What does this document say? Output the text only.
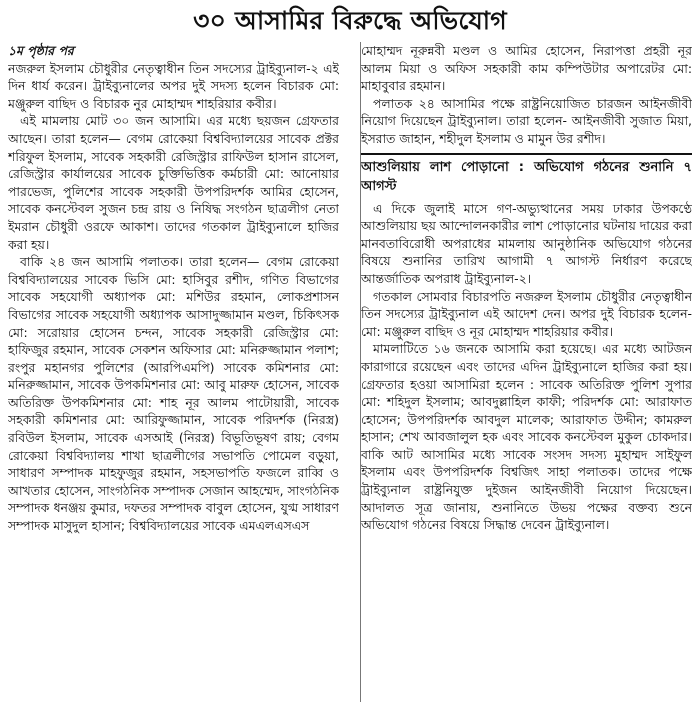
৩০ আসামির বিরুদ্ধে অভিযোগ

১ম পৃষ্ঠার পর

নজরুল ইসলাম চৌধুরীর নেতৃত্বাধীন তিন সদস্যের ট্রাইব্যুনাল-২ এই দিন ধার্য করেন। ট্রাইব্যুনালের অপর দুই সদস্য হলেন বিচারক মো: মঞ্জুরুল বাছিদ ও বিচারক নুর মোহাম্মদ শাহরিয়ার কবীর।

এই মামলায় মোট ৩০ জন আসামি। এর মধ্যে ছয়জন গ্রেফতার আছেন। তারা হলেন— বেগম রোকেয়া বিশ্ববিদ্যালয়ের সাবেক প্রক্টর শরিফুল ইসলাম, সাবেক সহকারী রেজিস্ট্রার রাফিউল হাসান রাসেল, রেজিস্ট্রার কার্যালয়ের সাবেক চুক্তিভিত্তিক কর্মচারী মো: আনোয়ার পারভেজ, পুলিশের সাবেক সহকারী উপপরিদর্শক আমির হোসেন, সাবেক কনস্টেবল সুজন চন্দ্র রায় ও নিষিদ্ধ সংগঠন ছাত্রলীগ নেতা ইমরান চৌধুরী ওরফে আকাশ। তাদের গতকাল ট্রাইব্যুনালে হাজির করা হয়।

বাকি ২৪ জন আসামি পলাতক। তারা হলেন— বেগম রোকেয়া বিশ্ববিদ্যালয়ের সাবেক ভিসি মো: হাসিবুর রশীদ, গণিত বিভাগের সাবেক সহযোগী অধ্যাপক মো: মশিউর রহমান, লোকপ্রশাসন বিভাগের সাবেক সহযোগী অধ্যাপক আসাদুজ্জামান মণ্ডল, চিকিৎসক মো: সরোয়ার হোসেন চন্দন, সাবেক সহকারী রেজিস্ট্রার মো: হাফিজুর রহমান, সাবেক সেকশন অফিসার মো: মনিরুজ্জামান পলাশ; রংপুর মহানগর পুলিশের (আরপিএমপি) সাবেক কমিশনার মো: মনিরুজ্জামান, সাবেক উপকমিশনার মো: আবু মারুফ হোসেন, সাবেক অতিরিক্ত উপকমিশনার মো: শাহ নূর আলম পাটোয়ারী, সাবেক সহকারী কমিশনার মো: আরিফুজ্জামান, সাবেক পরিদর্শক (নিরস্ত্র) রবিউল ইসলাম, সাবেক এসআই (নিরস্ত্র) বিভূতিভূষণ রায়; বেগম রোকেয়া বিশ্ববিদ্যালয় শাখা ছাত্রলীগের সভাপতি পোমেল বড়ুয়া, সাধারণ সম্পাদক মাহফুজুর রহমান, সহসভাপতি ফজলে রাব্বি ও আখতার হোসেন, সাংগঠনিক সম্পাদক সেজান আহম্মেদ, সাংগঠনিক সম্পাদক ধনঞ্জয় কুমার, দফতর সম্পাদক বাবুল হোসেন, যুগ্ম সাধারণ সম্পাদক মাসুদুল হাসান; বিশ্ববিদ্যালয়ের সাবেক এমএলএসএস

মোহাম্মদ নূরুন্নবী মণ্ডল ও আমির হোসেন, নিরাপত্তা প্রহরী নূর আলম মিয়া ও অফিস সহকারী কাম কম্পিউটার অপারেটর মো: মাহাবুবার রহমান।

পলাতক ২৪ আসামির পক্ষে রাষ্ট্রনিয়োজিত চারজন আইনজীবী নিয়োগ দিয়েছেন ট্রাইব্যুনাল। তারা হলেন- আইনজীবী সুজাত মিয়া, ইসরাত জাহান, শহীদুল ইসলাম ও মামুন উর রশীদ।

আশুলিয়ায় লাশ পোড়ানো : অভিযোগ গঠনের শুনানি ৭ আগস্ট

এ দিকে জুলাই মাসে গণ-অভ্যুত্থানের সময় ঢাকার উপকণ্ঠে আশুলিয়ায় ছয় আন্দোলনকারীর লাশ পোড়ানোর ঘটনায় দায়ের করা মানবতাবিরোধী অপরাধের মামলায় আনুষ্ঠানিক অভিযোগ গঠনের বিষয়ে শুনানির তারিখ আগামী ৭ আগস্ট নির্ধারণ করেছে আন্তর্জাতিক অপরাধ ট্রাইব্যুনাল-২।

গতকাল সোমবার বিচারপতি নজরুল ইসলাম চৌধুরীর নেতৃত্বাধীন তিন সদস্যের ট্রাইব্যুনাল এই আদেশ দেন। অপর দুই বিচারক হলেন- মো: মঞ্জুরুল বাছিদ ও নূর মোহাম্মদ শাহরিয়ার কবীর।

মামলাটিতে ১৬ জনকে আসামি করা হয়েছে। এর মধ্যে আটজন কারাগারে রয়েছেন এবং তাদের এদিন ট্রাইব্যুনালে হাজির করা হয়। গ্রেফতার হওয়া আসামিরা হলেন : সাবেক অতিরিক্ত পুলিশ সুপার মো: শহিদুল ইসলাম; আবদুল্লাহিল কাফী; পরিদর্শক মো: আরাফাত হোসেন; উপপরিদর্শক আবদুল মালেক; আরাফাত উদ্দীন; কামরুল হাসান; শেখ আবজালুল হক এবং সাবেক কনস্টেবল মুকুল চোকদার। বাকি আট আসামির মধ্যে সাবেক সংসদ সদস্য মুহাম্মদ সাইফুল ইসলাম এবং উপপরিদর্শক বিশ্বজিৎ সাহা পলাতক। তাদের পক্ষে ট্রাইব্যুনাল রাষ্ট্রনিযুক্ত দুইজন আইনজীবী নিয়োগ দিয়েছেন। আদালত সূত্র জানায়, শুনানিতে উভয় পক্ষের বক্তব্য শুনে অভিযোগ গঠনের বিষয়ে সিদ্ধান্ত দেবেন ট্রাইব্যুনাল।
